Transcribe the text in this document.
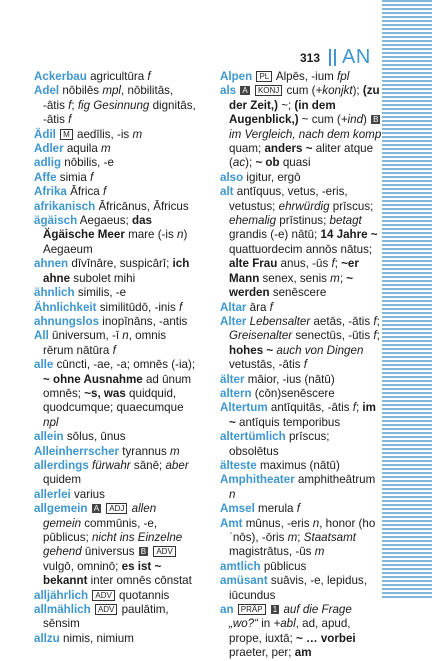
313 AN

Ackerbau agricultūra f

Adel nōbilēs mpl, nōbilitās, -ātis f; fig Gesinnung dignitās, -ātis f

Ädil M aedīlis, -is m

Adler aquila m

adlig nōbilis, -e

Affe simia f

Afrika Āfrica f

afrikanisch Āfricānus, Āfricus

ägäisch Aegaeus; das Ägäische Meer mare (-is n) Aegaeum

ahnen dīvīnāre, suspicārī; ich ahne subolet mihi

ähnlich similis, -e

Ähnlichkeit similitūdō, -inis f

ahnungslos inopīnāns, -antis

All ūniversum, -ī n, omnis rērum nātūra f

alle cūncti, -ae, -a; omnēs (-ia); ~ ohne Ausnahme ad ūnum omnēs; ~s, was quidquid, quodcumque; quaecumque npl

allein sōlus, ūnus

Alleinherrscher tyrannus m

allerdings fürwahr sānē; aber quidem

allerlei varius

allgemein A ADJ allen gemein commūnis, -e, pūblicus; nicht ins Einzelne gehend ūniversus B ADV vulgō, omninō; es ist ~ bekannt inter omnēs cōnstat

alljährlich ADV quotannis

allmählich ADV paulātim, sēnsim

allzu nimis, nimium

Alpen PL Alpēs, -ium fpl

als A KONJ cum (+konjkt); (zu der Zeit,) ~; (in dem Augenblick,) ~ cum (+ind) B im Vergleich, nach dem komp quam; anders ~ aliter atque (ac); ~ ob quasi

also igitur, ergō

alt antīquus, vetus, -eris, vetustus; ehrwürdig prīscus; ehemalig prīstinus; betagt grandis (-e) nātū; 14 Jahre ~ quattuordecim annōs nātus; alte Frau anus, -ūs f; ~er Mann senex, senis m; ~ werden senēscere

Altar āra f

Alter Lebensalter aetās, -ātis f; Greisenalter senectūs, -ūtis f; hohes ~ auch von Dingen vetustās, -ātis f

älter māior, -ius (nātū)

altern (cōn)senēscere

Altertum antīquitās, -ātis f; im ~ antīquis temporibus

altertümlich prīscus; obsolētus

älteste maximus (nātū)

Amphitheater amphitheātrum n

Amsel merula f

Amt mūnus, -eris n, honor (hoˈnōs), -ōris m; Staatsamt magistrātus, -ūs m

amtlich pūblicus

amüsant suāvis, -e, lepidus, iūcundus

an PRÄP 1 auf die Frage „wo?“ in +abl, ad, apud, prope, iuxtā; ~ … vorbei praeter, per; am
